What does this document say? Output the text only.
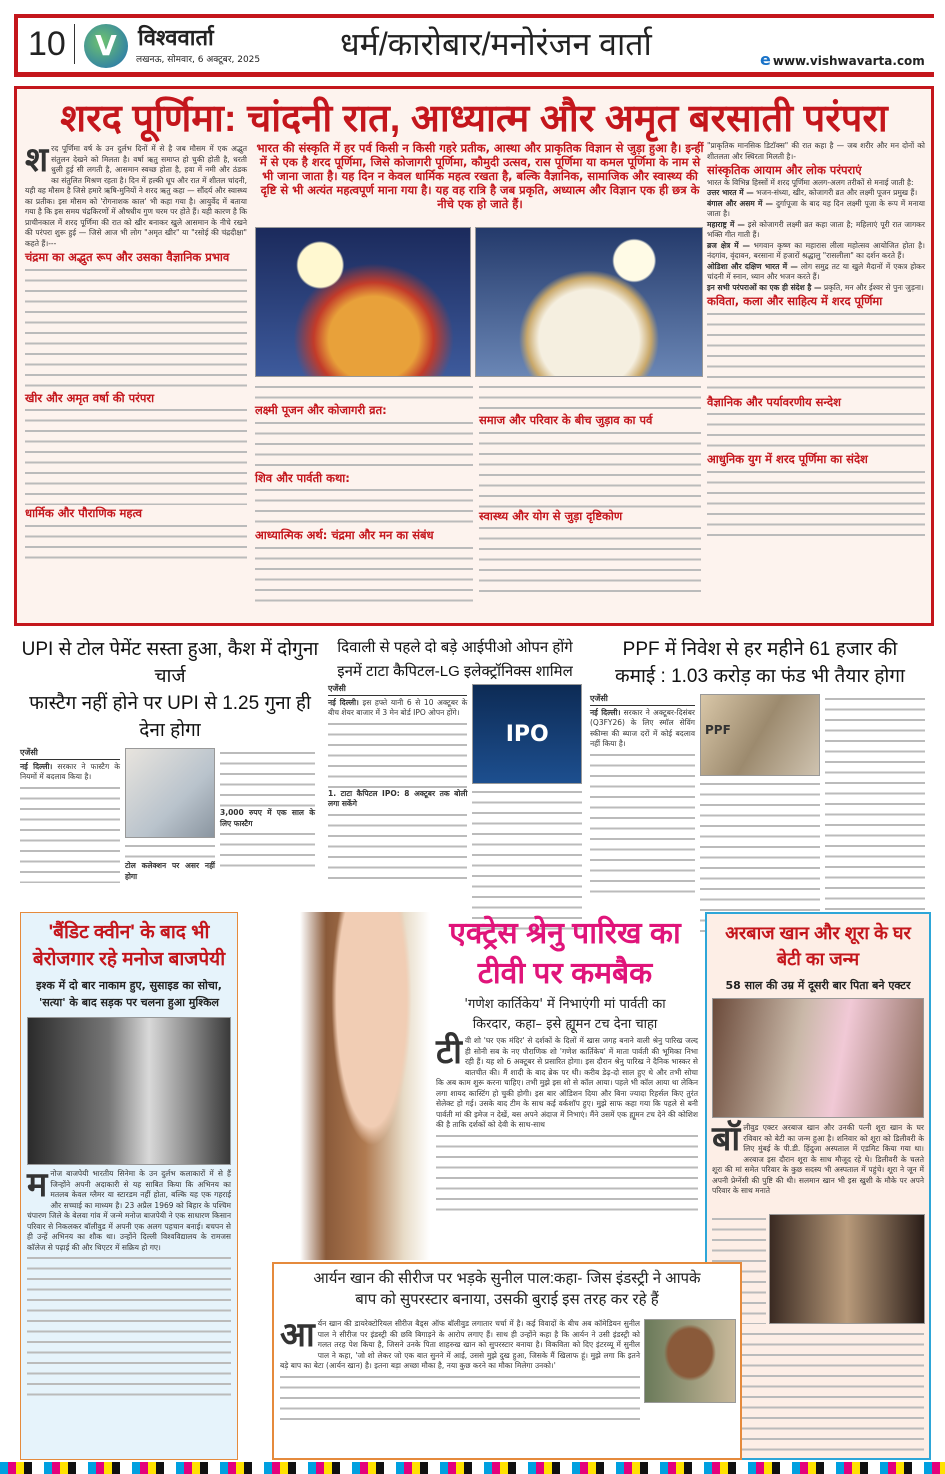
10	V विश्ववार्ता
लखनऊ, सोमवार, 6 अक्टूबर, 2025 धर्म/कारोबार/मनोरंजन वार्ता	e www.vishwavarta.com
शरद पूर्णिमा: चांदनी रात, आध्यात्म और अमृत बरसाती परंपरा
भारत की संस्कृति में हर पर्व किसी न किसी गहरे प्रतीक, आस्था और प्राकृतिक विज्ञान से जुड़ा हुआ है। इन्हीं में से एक है शरद पूर्णिमा, जिसे कोजागरी पूर्णिमा, कौमुदी उत्सव, रास पूर्णिमा या कमल पूर्णिमा के नाम से भी जाना जाता है। यह दिन न केवल धार्मिक महत्व रखता है, बल्कि वैज्ञानिक, सामाजिक और स्वास्थ्य की दृष्टि से भी अत्यंत महत्वपूर्ण माना गया है। यह वह रात्रि है जब प्रकृति, अध्यात्म और विज्ञान एक ही छत्र के नीचे एक हो जाते हैं।
शरद पूर्णिमा वर्ष के उन दुर्लभ दिनों में से है जब मौसम में एक अद्भुत संतुलन देखने को मिलता है। वर्षा ऋतु समाप्त हो चुकी होती है, धरती धुली हुई सी लगती है, आसमान स्वच्छ होता है, हवा में नमी और ठंडक का संतुलित मिश्रण रहता है। दिन में हल्की धूप और रात में शीतल चांदनी, यही वह मौसम है जिसे हमारे ऋषि-मुनियों ने शरद ऋतु कहा — सौंदर्य और स्वास्थ्य का प्रतीक। इस मौसम को 'रोगनाशक काल' भी कहा गया है। आयुर्वेद में बताया गया है कि इस समय चंद्रकिरणों में औषधीय गुण चरम पर होते हैं। यही कारण है कि प्राचीनकाल में शरद पूर्णिमा की रात को खीर बनाकर खुले आसमान के नीचे रखने की परंपरा शुरू हुई — जिसे आज भी लोग "अमृत खीर" या "रसोई की चंद्रदीक्षा" कहते हैं।---
चंद्रमा का अद्भुत रूप और उसका वैज्ञानिक प्रभाव
खीर और अमृत वर्षा की परंपरा
धार्मिक और पौराणिक महत्व
लक्ष्मी पूजन और कोजागरी व्रत:
शिव और पार्वती कथा:
आध्यात्मिक अर्थ: चंद्रमा और मन का संबंध
समाज और परिवार के बीच जुड़ाव का पर्व
स्वास्थ्य और योग से जुड़ा दृष्टिकोण
"प्राकृतिक मानसिक डिटॉक्स" की रात कहा है — जब शरीर और मन दोनों को शीतलता और स्थिरता मिलती है।-
सांस्कृतिक आयाम और लोक परंपराएं
भारत के विभिन्न हिस्सों में शरद पूर्णिमा अलग-अलग तरीकों से मनाई जाती है:
उत्तर भारत में — भजन-संध्या, खीर, कोजागरी व्रत और लक्ष्मी पूजन प्रमुख हैं।
बंगाल और असम में — दुर्गापूजा के बाद यह दिन लक्ष्मी पूजा के रूप में मनाया जाता है।
महाराष्ट्र में — इसे कोजागरी लक्ष्मी व्रत कहा जाता है; महिलाएं पूरी रात जागकर भक्ति गीत गाती हैं।
ब्रज क्षेत्र में — भगवान कृष्ण का महारास लीला महोत्सव आयोजित होता है। नंदगांव, वृंदावन, बरसाना में हजारों श्रद्धालु "रासलीला" का दर्शन करते हैं।
ओडिशा और दक्षिण भारत में — लोग समुद्र तट या खुले मैदानों में एकत्र होकर चांदनी में स्नान, ध्यान और भजन करते हैं।
इन सभी परंपराओं का एक ही संदेश है — प्रकृति, मन और ईश्वर से पुनः जुड़ना।
कविता, कला और साहित्य में शरद पूर्णिमा
वैज्ञानिक और पर्यावरणीय सन्देश
आधुनिक युग में शरद पूर्णिमा का संदेश
UPI से टोल पेमेंट सस्ता हुआ, कैश में दोगुना चार्ज
फास्टैग नहीं होने पर UPI से 1.25 गुना ही देना होगा
एजेंसी
नई दिल्ली। सरकार ने फास्टैग के नियमों में बदलाव किया है।
टोल कलेक्शन पर असर नहीं होगा
3,000 रुपए में एक साल के लिए फास्टैग
दिवाली से पहले दो बड़े आईपीओ ओपन होंगे
इनमें टाटा कैपिटल-LG इलेक्ट्रॉनिक्स शामिल
एजेंसी
नई दिल्ली। इस हफ्ते यानी 6 से 10 अक्टूबर के बीच शेयर बाजार में 3 मेन बोर्ड IPO ओपन होंगे।
1. टाटा कैपिटल IPO: 8 अक्टूबर तक बोली लगा सकेंगे
IPO
PPF में निवेश से हर महीने 61 हजार की
कमाई : 1.03 करोड़ का फंड भी तैयार होगा
एजेंसी
नई दिल्ली। सरकार ने अक्टूबर-दिसंबर (Q3FY26) के लिए स्मॉल सेविंग स्कीम्स की ब्याज दरों में कोई बदलाव नहीं किया है।
PPF
'बैंडिट क्वीन' के बाद भी
बेरोजगार रहे मनोज बाजपेयी
इश्क में दो बार नाकाम हुए, सुसाइड का सोचा,
'सत्या' के बाद सड़क पर चलना हुआ मुश्किल
मनोज बाजपेयी भारतीय सिनेमा के उन दुर्लभ कलाकारों में से हैं जिन्होंने अपनी अदाकारी से यह साबित किया कि अभिनय का मतलब केवल ग्लैमर या स्टारडम नहीं होता, बल्कि यह एक गहराई और सच्चाई का माध्यम है। 23 अप्रैल 1969 को बिहार के पश्चिम चंपारण जिले के बेलवा गांव में जन्मे मनोज बाजपेयी ने एक साधारण किसान परिवार से निकलकर बॉलीवुड में अपनी एक अलग पहचान बनाई। बचपन से ही उन्हें अभिनय का शौक था। उन्होंने दिल्ली विश्वविद्यालय के रामजस कॉलेज से पढ़ाई की और थिएटर में सक्रिय हो गए।
एक्ट्रेस श्रेनु पारिख का
टीवी पर कमबैक
'गणेश कार्तिकेय' में निभाएंगी मां पार्वती का
किरदार, कहा– इसे ह्यूमन टच देना चाहा
टीवी शो 'घर एक मंदिर' से दर्शकों के दिलों में खास जगह बनाने वाली श्रेनु पारिख जल्द ही सोनी सब के नए पौराणिक शो 'गणेश कार्तिकेय' में माता पार्वती की भूमिका निभा रही हैं। यह शो 6 अक्टूबर से प्रसारित होगा। इस दौरान श्रेनु पारिख ने दैनिक भास्कर से बातचीत की। मैं शादी के बाद ब्रेक पर थी। करीब डेढ़-दो साल हुए थे और तभी सोचा कि अब काम शुरू करना चाहिए। तभी मुझे इस शो से कॉल आया। पहले भी कॉल आया था लेकिन लगा शायद कास्टिंग हो चुकी होगी। इस बार ऑडिशन दिया और बिना ज्यादा रिहर्सल किए तुरंत सेलेक्ट हो गई। उसके बाद टीम के साथ कई वर्कशॉप हुए। मुझे साफ कहा गया कि पहले से बनी पार्वती मां की इमेज न देखें, बस अपने अंदाज में निभाएं। मैंने उसमें एक ह्यूमन टच देने की कोशिश की है ताकि दर्शकों को देवी के साथ-साथ
अरबाज खान और शूरा के घर
बेटी का जन्म
58 साल की उम्र में दूसरी बार पिता बने एक्टर
बॉलीवुड एक्टर अरबाज खान और उनकी पत्नी शूरा खान के घर रविवार को बेटी का जन्म हुआ है। शनिवार को शूरा को डिलीवरी के लिए मुंबई के पी.डी. हिंदुजा अस्पताल में एडमिट किया गया था। अरबाज इस दौरान शूरा के साथ मौजूद रहे थे। डिलीवरी के चलते शूरा की मां समेत परिवार के कुछ सदस्य भी अस्पताल में पहुंचे। शूरा ने जून में अपनी प्रेग्नेंसी की पुष्टि की थी। सलमान खान भी इस खुशी के मौके पर अपने परिवार के साथ मनाते
आर्यन खान की सीरीज पर भड़के सुनील पाल:कहा- जिस इंडस्ट्री ने आपके
बाप को सुपरस्टार बनाया, उसकी बुराई इस तरह कर रहे हैं
आर्यन खान की डायरेक्टोरियल सीरीज बैड्स ऑफ बॉलीवुड लगातार चर्चा में है। कई विवादों के बीच अब कॉमेडियन सुनील पाल ने सीरीज पर इंडस्ट्री की छवि बिगाड़ने के आरोप लगाए हैं। साथ ही उन्होंने कहा है कि आर्यन ने उसी इंडस्ट्री को गलत तरह पेश किया है, जिसने उनके पिता शाहरुख खान को सुपरस्टार बनाया है। विकविता को दिए इंटरव्यू में सुनील पाल ने कहा, 'जो शो लेकर जो एक बात सुनने में आई, उससे मुझे दुख हुआ, जिसके मैं खिलाफ हूं। मुझे लगा कि इतने बड़े बाप का बेटा (आर्यन खान) है। इतना बड़ा अच्छा मौका है, नया कुछ करने का मौका मिलेगा उनको।'
